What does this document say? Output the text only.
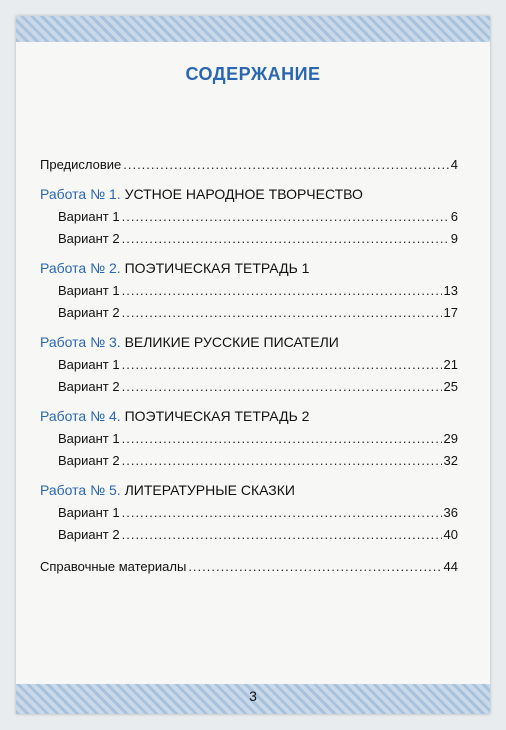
СОДЕРЖАНИЕ
Предисловие .....	4
Работа № 1.
УСТНОЕ НАРОДНОЕ ТВОРЧЕСТВО
Вариант 1 .....	6
Вариант 2 .....	9
Работа № 2.
ПОЭТИЧЕСКАЯ ТЕТРАДЬ 1
Вариант 1 .....	13
Вариант 2 .....	17
Работа № 3.
ВЕЛИКИЕ РУССКИЕ ПИСАТЕЛИ
Вариант 1 .....	21
Вариант 2 .....	25
Работа № 4.
ПОЭТИЧЕСКАЯ ТЕТРАДЬ 2
Вариант 1 .....	29
Вариант 2 .....	32
Работа № 5.
ЛИТЕРАТУРНЫЕ СКАЗКИ
Вариант 1 .....	36
Вариант 2 .....	40
Справочные материалы .....	44
3
